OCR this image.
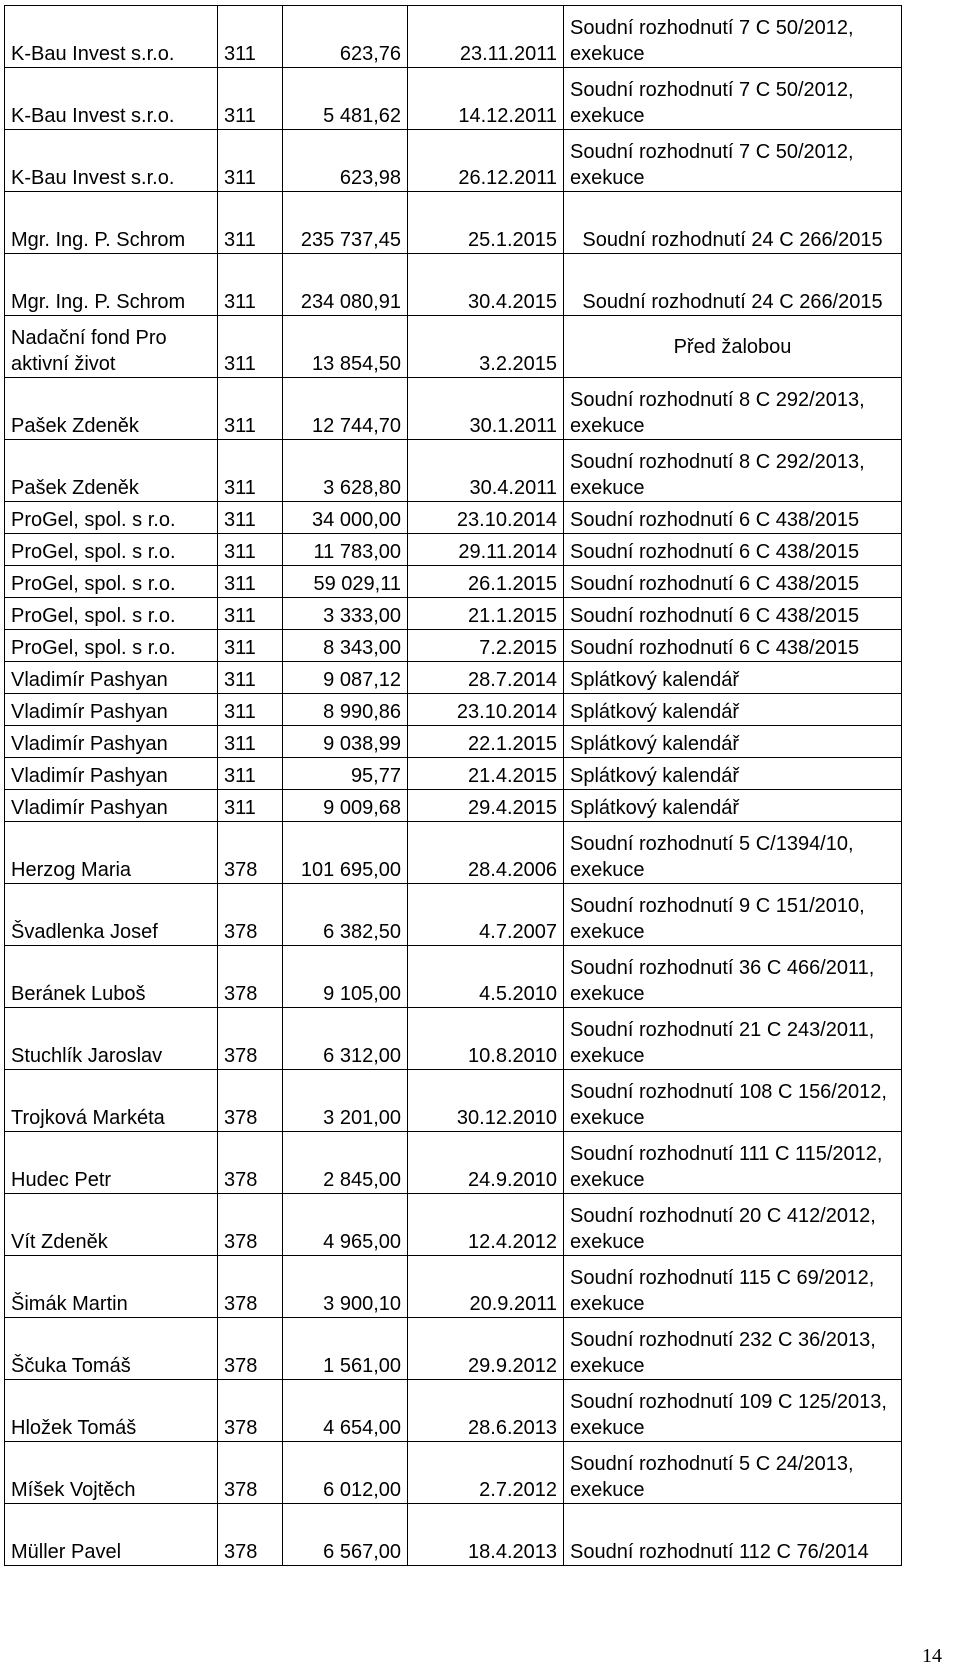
K-Bau Invest s.r.o.	311	623,76	23.11.2011	Soudní rozhodnutí 7 C 50/2012, exekuce
K-Bau Invest s.r.o.	311	5 481,62	14.12.2011	Soudní rozhodnutí 7 C 50/2012, exekuce
K-Bau Invest s.r.o.	311	623,98	26.12.2011	Soudní rozhodnutí 7 C 50/2012, exekuce
Mgr. Ing. P. Schrom	311	235 737,45	25.1.2015	Soudní rozhodnutí 24 C 266/2015
Mgr. Ing. P. Schrom	311	234 080,91	30.4.2015	Soudní rozhodnutí 24 C 266/2015
Nadační fond Pro aktivní život	311	13 854,50	3.2.2015	Před žalobou
Pašek Zdeněk	311	12 744,70	30.1.2011	Soudní rozhodnutí 8 C 292/2013, exekuce
Pašek Zdeněk	311	3 628,80	30.4.2011	Soudní rozhodnutí 8 C 292/2013, exekuce
ProGel, spol. s r.o.	311	34 000,00	23.10.2014	Soudní rozhodnutí 6 C 438/2015
ProGel, spol. s r.o.	311	11 783,00	29.11.2014	Soudní rozhodnutí 6 C 438/2015
ProGel, spol. s r.o.	311	59 029,11	26.1.2015	Soudní rozhodnutí 6 C 438/2015
ProGel, spol. s r.o.	311	3 333,00	21.1.2015	Soudní rozhodnutí 6 C 438/2015
ProGel, spol. s r.o.	311	8 343,00	7.2.2015	Soudní rozhodnutí 6 C 438/2015
Vladimír Pashyan	311	9 087,12	28.7.2014	Splátkový kalendář
Vladimír Pashyan	311	8 990,86	23.10.2014	Splátkový kalendář
Vladimír Pashyan	311	9 038,99	22.1.2015	Splátkový kalendář
Vladimír Pashyan	311	95,77	21.4.2015	Splátkový kalendář
Vladimír Pashyan	311	9 009,68	29.4.2015	Splátkový kalendář
Herzog Maria	378	101 695,00	28.4.2006	Soudní rozhodnutí 5 C/1394/10, exekuce
Švadlenka Josef	378	6 382,50	4.7.2007	Soudní rozhodnutí 9 C 151/2010, exekuce
Beránek Luboš	378	9 105,00	4.5.2010	Soudní rozhodnutí 36 C 466/2011, exekuce
Stuchlík Jaroslav	378	6 312,00	10.8.2010	Soudní rozhodnutí 21 C 243/2011, exekuce
Trojková Markéta	378	3 201,00	30.12.2010	Soudní rozhodnutí 108 C 156/2012, exekuce
Hudec Petr	378	2 845,00	24.9.2010	Soudní rozhodnutí 111 C 115/2012, exekuce
Vít Zdeněk	378	4 965,00	12.4.2012	Soudní rozhodnutí 20 C 412/2012, exekuce
Šimák Martin	378	3 900,10	20.9.2011	Soudní rozhodnutí 115 C 69/2012, exekuce
Ščuka Tomáš	378	1 561,00	29.9.2012	Soudní rozhodnutí 232 C 36/2013, exekuce
Hložek Tomáš	378	4 654,00	28.6.2013	Soudní rozhodnutí 109 C 125/2013, exekuce
Míšek Vojtěch	378	6 012,00	2.7.2012	Soudní rozhodnutí 5 C 24/2013, exekuce
Müller Pavel	378	6 567,00	18.4.2013	Soudní rozhodnutí 112 C 76/2014
14
